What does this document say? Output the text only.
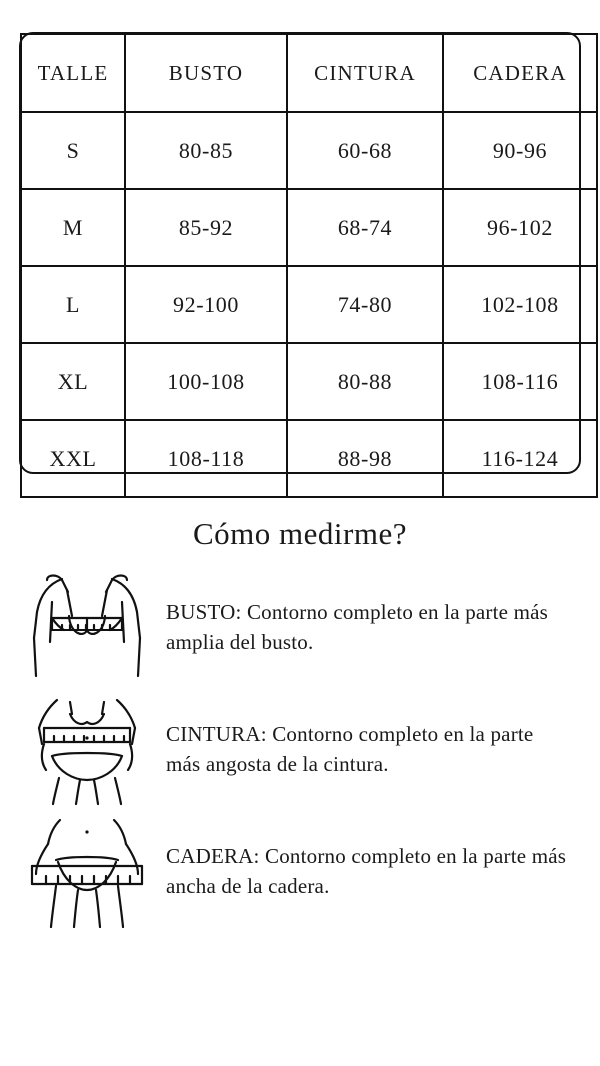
TALLE	BUSTO	CINTURA	CADERA
S	80-85	60-68	90-96
M	85-92	68-74	96-102
L	92-100	74-80	102-108
XL	100-108	80-88	108-116
XXL	108-118	88-98	116-124
Cómo medirme?
BUSTO: Contorno completo en la parte más amplia del busto.
CINTURA: Contorno completo en la parte más angosta de la cintura.
CADERA: Contorno completo en la parte más ancha de la cadera.
